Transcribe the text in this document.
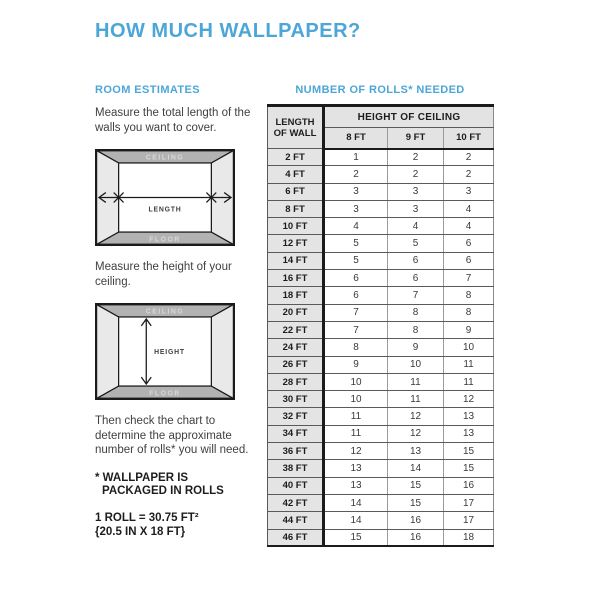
HOW MUCH WALLPAPER?
ROOM ESTIMATES
Measure the total length of the walls you want to cover.
CEILING
FLOOR
LENGTH
Measure the height of your ceiling.
CEILING
FLOOR
HEIGHT
Then check the chart to determine the approximate number of rolls* you will need.
* WALLPAPER IS
PACKAGED IN ROLLS
1 ROLL = 30.75 FT²
{20.5 IN X 18 FT}
NUMBER OF ROLLS* NEEDED
LENGTH OF WALL	HEIGHT OF CEILING		
	8 FT	9 FT	10 FT
2 FT	1	2	2
4 FT	2	2	2
6 FT	3	3	3
8 FT	3	3	4
10 FT	4	4	4
12 FT	5	5	6
14 FT	5	6	6
16 FT	6	6	7
18 FT	6	7	8
20 FT	7	8	8
22 FT	7	8	9
24 FT	8	9	10
26 FT	9	10	11
28 FT	10	11	11
30 FT	10	11	12
32 FT	11	12	13
34 FT	11	12	13
36 FT	12	13	15
38 FT	13	14	15
40 FT	13	15	16
42 FT	14	15	17
44 FT	14	16	17
46 FT	15	16	18
